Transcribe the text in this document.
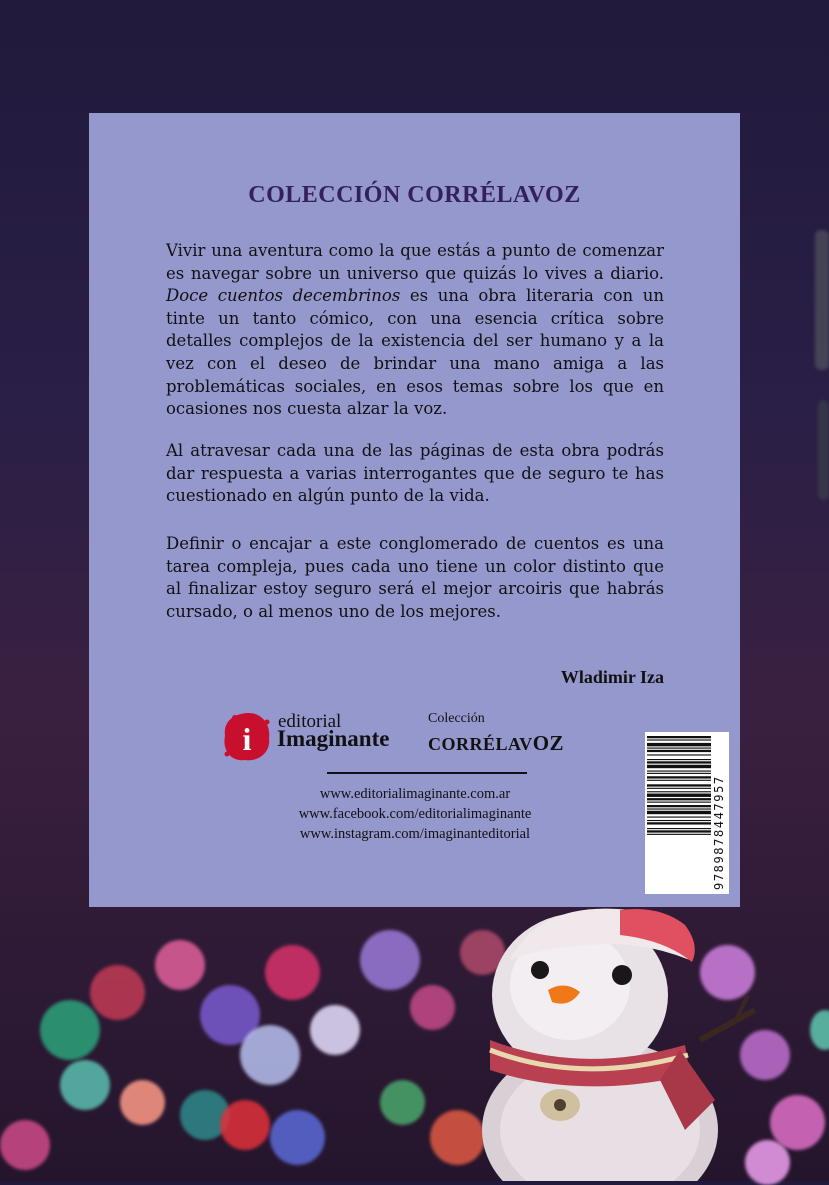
COLECCIÓN CORRÉLAVOZ

Vivir una aventura como la que estás a punto de comenzar es navegar sobre un universo que quizás lo vives a diario. Doce cuentos decembrinos es una obra literaria con un tinte un tanto cómico, con una esencia crítica sobre detalles complejos de la existencia del ser humano y a la vez con el deseo de brindar una mano amiga a las problemáticas sociales, en esos temas sobre los que en ocasiones nos cuesta alzar la voz.

Al atravesar cada una de las páginas de esta obra podrás dar respuesta a varias interrogantes que de seguro te has cuestionado en algún punto de la vida.

Definir o encajar a este conglomerado de cuentos es una tarea compleja, pues cada uno tiene un color distinto que al finalizar estoy seguro será el mejor arcoiris que habrás cursado, o al menos uno de los mejores.

Wladimir Iza
i editorial
Imaginante
Colección
CORRÉLAVOZ
www.editorialimaginante.com.ar
www.facebook.com/editorialimaginante
www.instagram.com/imaginanteditorial	9789878447957
